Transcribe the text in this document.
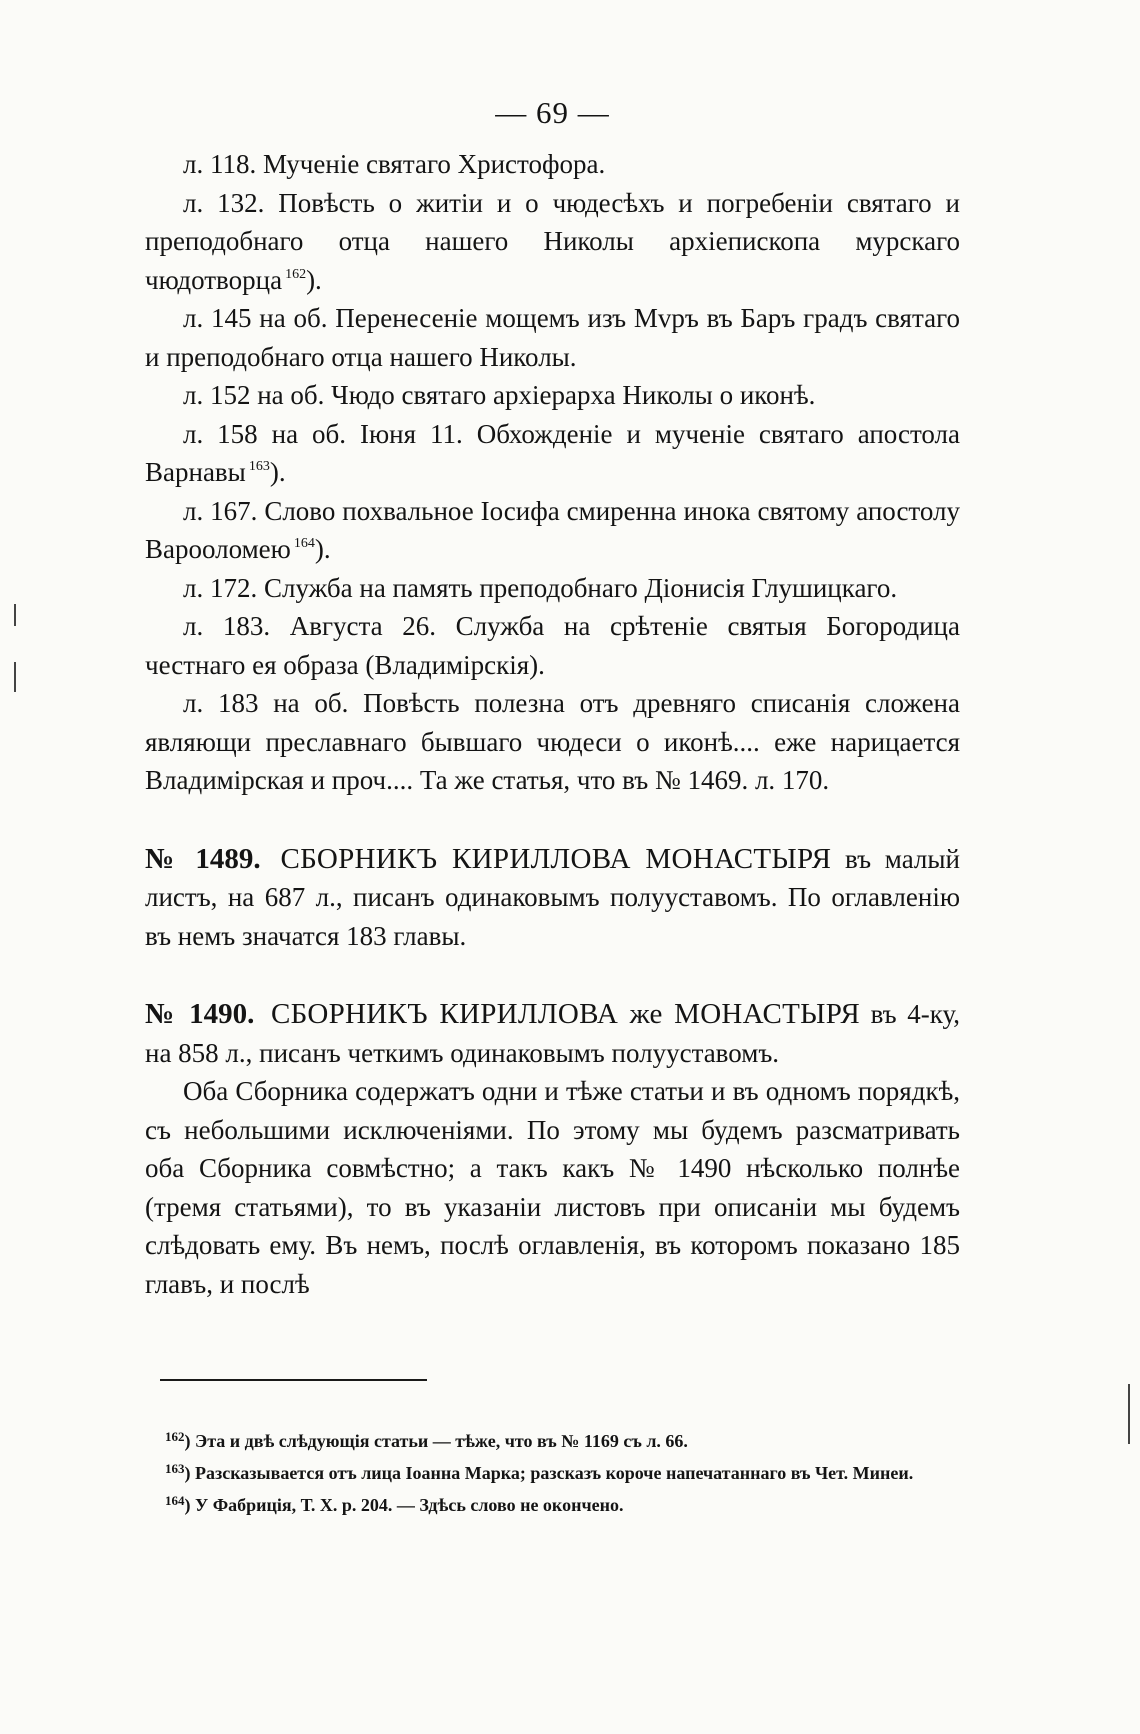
— 69 —

л. 118. Мученіе святаго Христофора.

л. 132. Повѣсть о житіи и о чюдесѣхъ и погребеніи святаго и преподобнаго отца нашего Николы архіепископа мурскаго чюдотворца $^{162}$).

л. 145 на об. Перенесеніе мощемъ изъ Мvръ въ Баръ градъ святаго и преподобнаго отца нашего Николы.

л. 152 на об. Чюдо святаго архіерарха Николы о иконѣ.

л. 158 на об. Іюня 11. Обхожденіе и мученіе святаго апостола Варнавы $^{163}$).

л. 167. Слово похвальное Іосифа смиренна инока святому апостолу Варооломею $^{164}$).

л. 172. Служба на память преподобнаго Діонисія Глушицкаго.

л. 183. Августа 26. Служба на срѣтеніе святыя Богородица честнаго ея образа (Владимірскія).

л. 183 на об. Повѣсть полезна отъ древняго списанія сложена являющи преславнаго бывшаго чюдеси о иконѣ.... еже нарицается Владимірская и проч.... Та же статья, что въ № 1469. л. 170.

№ 1489. СБОРНИКЪ КИРИЛЛОВА МОНАСТЫРЯ въ малый листъ, на 687 л., писанъ одинаковымъ полууставомъ. По оглавленію въ немъ значатся 183 главы.

№ 1490. СБОРНИКЪ КИРИЛЛОВА же МОНАСТЫРЯ въ 4-ку, на 858 л., писанъ четкимъ одинаковымъ полууставомъ.

Оба Сборника содержатъ одни и тѣже статьи и въ одномъ порядкѣ, съ небольшими исключеніями. По этому мы будемъ разсматривать оба Сборника совмѣстно; а такъ какъ № 1490 нѣсколько полнѣе (тремя статьями), то въ указаніи листовъ при описаніи мы будемъ слѣдовать ему. Въ немъ, послѣ оглавленія, въ которомъ показано 185 главъ, и послѣ

$^{162}$) Эта и двѣ слѣдующія статьи — тѣже, что въ № 1169 съ л. 66.

$^{163}$) Разсказывается отъ лица Іоанна Марка; разсказъ короче напечатаннаго въ Чет. Минеи.

$^{164}$) У Фабриція, Т. X. р. 204. — Здѣсь слово не окончено.
